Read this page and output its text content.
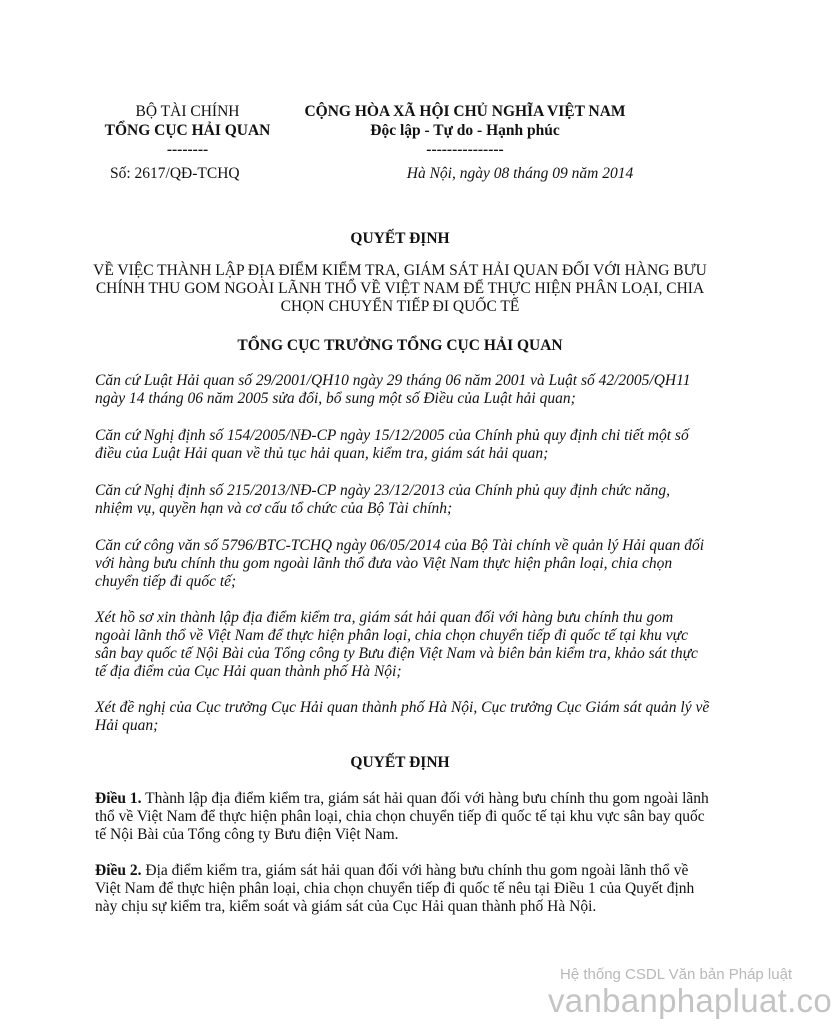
BỘ TÀI CHÍNH
TỔNG CỤC HẢI QUAN
--------
CỘNG HÒA XÃ HỘI CHỦ NGHĨA VIỆT NAM
Độc lập - Tự do - Hạnh phúc
---------------
Số: 2617/QĐ-TCHQ	Hà Nội, ngày 08 tháng 09 năm 2014
QUYẾT ĐỊNH
VỀ VIỆC THÀNH LẬP ĐỊA ĐIỂM KIỂM TRA, GIÁM SÁT HẢI QUAN ĐỐI VỚI HÀNG BƯU CHÍNH THU GOM NGOÀI LÃNH THỔ VỀ VIỆT NAM ĐỂ THỰC HIỆN PHÂN LOẠI, CHIA CHỌN CHUYỂN TIẾP ĐI QUỐC TẾ
TỔNG CỤC TRƯỞNG TỔNG CỤC HẢI QUAN
Căn cứ Luật Hải quan số 29/2001/QH10 ngày 29 tháng 06 năm 2001 và Luật số 42/2005/QH11 ngày 14 tháng 06 năm 2005 sửa đổi, bổ sung một số Điều của Luật hải quan;
Căn cứ Nghị định số 154/2005/NĐ-CP ngày 15/12/2005 của Chính phủ quy định chi tiết một số điều của Luật Hải quan về thủ tục hải quan, kiểm tra, giám sát hải quan;
Căn cứ Nghị định số 215/2013/NĐ-CP ngày 23/12/2013 của Chính phủ quy định chức năng, nhiệm vụ, quyền hạn và cơ cấu tổ chức của Bộ Tài chính;
Căn cứ công văn số 5796/BTC-TCHQ ngày 06/05/2014 của Bộ Tài chính về quản lý Hải quan đối với hàng bưu chính thu gom ngoài lãnh thổ đưa vào Việt Nam thực hiện phân loại, chia chọn chuyển tiếp đi quốc tế;
Xét hồ sơ xin thành lập địa điểm kiểm tra, giám sát hải quan đối với hàng bưu chính thu gom ngoài lãnh thổ về Việt Nam để thực hiện phân loại, chia chọn chuyển tiếp đi quốc tế tại khu vực sân bay quốc tế Nội Bài của Tổng công ty Bưu điện Việt Nam và biên bản kiểm tra, khảo sát thực tế địa điểm của Cục Hải quan thành phố Hà Nội;
Xét đề nghị của Cục trưởng Cục Hải quan thành phố Hà Nội, Cục trưởng Cục Giám sát quản lý về Hải quan;
QUYẾT ĐỊNH
Điều 1. Thành lập địa điểm kiểm tra, giám sát hải quan đối với hàng bưu chính thu gom ngoài lãnh thổ về Việt Nam để thực hiện phân loại, chia chọn chuyển tiếp đi quốc tế tại khu vực sân bay quốc tế Nội Bài của Tổng công ty Bưu điện Việt Nam.
Điều 2. Địa điểm kiểm tra, giám sát hải quan đối với hàng bưu chính thu gom ngoài lãnh thổ về Việt Nam để thực hiện phân loại, chia chọn chuyển tiếp đi quốc tế nêu tại Điều 1 của Quyết định này chịu sự kiểm tra, kiểm soát và giám sát của Cục Hải quan thành phố Hà Nội.
Hệ thống CSDL Văn bản Pháp luật
vanbanphapluat.co
